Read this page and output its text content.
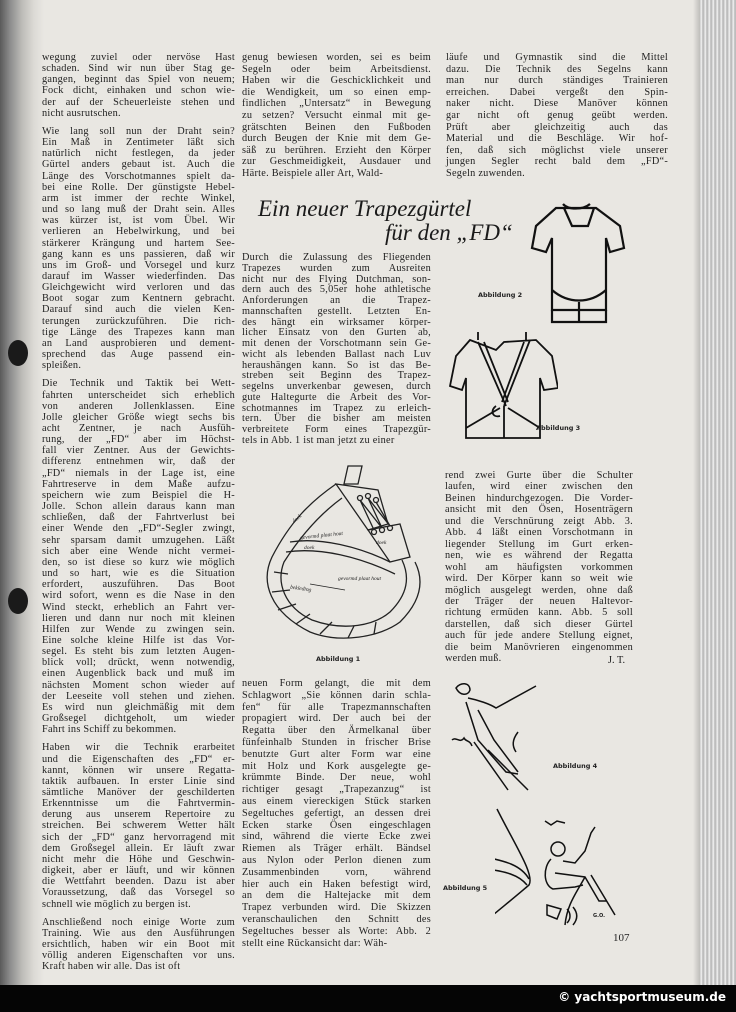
wegung zuviel oder nervöse Hast
schaden. Sind wir nun über Stag ge-
gangen, beginnt das Spiel von neuem;
Fock dicht, einhaken und schon wie-
der auf der Scheuerleiste stehen und
nicht ausrutschen.
Wie lang soll nun der Draht sein?
Ein Maß in Zentimeter läßt sich
natürlich nicht festlegen, da jeder
Gürtel anders gebaut ist. Auch die
Länge des Vorschotmannes spielt da-
bei eine Rolle. Der günstigste Hebel-
arm ist immer der rechte Winkel,
und so lang muß der Draht sein. Alles
was kürzer ist, ist vom Übel. Wir
verlieren an Hebelwirkung, und bei
stärkerer Krängung und hartem See-
gang kann es uns passieren, daß wir
uns im Groß- und Vorsegel und kurz
darauf im Wasser wiederfinden. Das
Gleichgewicht wird verloren und das
Boot sogar zum Kentnern gebracht.
Darauf sind auch die vielen Ken-
terungen zurückzuführen. Die rich-
tige Länge des Trapezes kann man
an Land ausprobieren und dement-
sprechend das Auge passend ein-
spleißen.
Die Technik und Taktik bei Wett-
fahrten unterscheidet sich erheblich
von anderen Jollenklassen. Eine
Jolle gleicher Größe wiegt sechs bis
acht Zentner, je nach Ausfüh-
rung, der „FD“ aber im Höchst-
fall vier Zentner. Aus der Gewichts-
differenz entnehmen wir, daß der
„FD“ niemals in der Lage ist, eine
Fahrtreserve in dem Maße aufzu-
speichern wie zum Beispiel die H-
Jolle. Schon allein daraus kann man
schließen, daß der Fahrtverlust bei
einer Wende den „FD“-Segler zwingt,
sehr sparsam damit umzugehen. Läßt
sich aber eine Wende nicht vermei-
den, so ist diese so kurz wie möglich
und so hart, wie es die Situation
erfordert, auszuführen. Das Boot
wird sofort, wenn es die Nase in den
Wind steckt, erheblich an Fahrt ver-
lieren und dann nur noch mit kleinen
Hilfen zur Wende zu zwingen sein.
Eine solche kleine Hilfe ist das Vor-
segel. Es steht bis zum letzten Augen-
blick voll; drückt, wenn notwendig,
einen Augenblick back und muß im
nächsten Moment schon wieder auf
der Leeseite voll stehen und ziehen.
Es wird nun gleichmäßig mit dem
Großsegel dichtgeholt, um wieder
Fahrt ins Schiff zu bekommen.
Haben wir die Technik erarbeitet
und die Eigenschaften des „FD“ er-
kannt, können wir unsere Regatta-
taktik aufbauen. In erster Linie sind
sämtliche Manöver der geschilderten
Erkenntnisse um die Fahrtvermin-
derung aus unserem Repertoire zu
streichen. Bei schwerem Wetter hält
sich der „FD“ ganz hervorragend mit
dem Großsegel allein. Er läuft zwar
nicht mehr die Höhe und Geschwin-
digkeit, aber er läuft, und wir können
die Wettfahrt beenden. Dazu ist aber
Voraussetzung, daß das Vorsegel so
schnell wie möglich zu bergen ist.
Anschließend noch einige Worte zum
Training. Wie aus den Ausführungen
ersichtlich, haben wir ein Boot mit
völlig anderen Eigenschaften vor uns.
Kraft haben wir alle. Das ist oft
genug bewiesen worden, sei es beim
Segeln oder beim Arbeitsdienst.
Haben wir die Geschicklichkeit und
die Wendigkeit, um so einen emp-
findlichen „Untersatz“ in Bewegung
zu setzen? Versucht einmal mit ge-
grätschten Beinen den Fußboden
durch Beugen der Knie mit dem Ge-
säß zu berühren. Erzieht den Körper
zur Geschmeidigkeit, Ausdauer und
Härte. Beispiele aller Art, Wald-
läufe und Gymnastik sind die Mittel
dazu. Die Technik des Segelns kann
man nur durch ständiges Trainieren
erreichen. Dabei vergeßt den Spin-
naker nicht. Diese Manöver können
gar nicht oft genug geübt werden.
Prüft aber gleichzeitig auch das
Material und die Beschläge. Wir hof-
fen, daß sich möglichst viele unserer
jungen Segler recht bald dem „FD“-
Segeln zuwenden.
Durch die Zulassung des Fliegenden
Trapezes wurden zum Ausreiten
nicht nur des Flying Dutchman, son-
dern auch des 5,05er hohe athletische
Anforderungen an die Trapez-
mannschaften gestellt. Letzten En-
des hängt ein wirksamer körper-
licher Einsatz von den Gurten ab,
mit denen der Vorschotmann sein Ge-
wicht als lebenden Ballast nach Luv
heraushängen kann. So ist das Be-
streben seit Beginn des Trapez-
segelns unverkenbar gewesen, durch
gute Haltegurte die Arbeit des Vor-
schotmannes im Trapez zu erleich-
tern. Über die bisher am meisten
verbreitete Form eines Trapezgür-
tels in Abb. 1 ist man jetzt zu einer
neuen Form gelangt, die mit dem
Schlagwort „Sie können darin schla-
fen“ für alle Trapezmannschaften
propagiert wird. Der auch bei der
Regatta über den Ärmelkanal über
fünfeinhalb Stunden in frischer Brise
benutzte Gurt alter Form war eine
mit Holz und Kork ausgelegte ge-
krümmte Binde. Der neue, wohl
richtiger gesagt „Trapezanzug“ ist
aus einem viereckigen Stück starken
Segeltuches gefertigt, an dessen drei
Ecken starke Ösen eingeschlagen
sind, während die vierte Ecke zwei
Riemen als Träger erhält. Bändsel
aus Nylon oder Perlon dienen zum
Zusammenbinden vorn, während
hier auch ein Haken befestigt wird,
an dem die Haltejacke mit dem
Trapez verbunden wird. Die Skizzen
veranschaulichen den Schnitt des
Segeltuches besser als Worte: Abb. 2
stellt eine Rückansicht dar: Wäh-
rend zwei Gurte über die Schulter
laufen, wird einer zwischen den
Beinen hindurchgezogen. Die Vorder-
ansicht mit den Ösen, Hosenträgern
und die Verschnürung zeigt Abb. 3.
Abb. 4 läßt einen Vorschotmann in
liegender Stellung im Gurt erken-
nen, wie es während der Regatta
wohl am häufigsten vorkommen
wird. Der Körper kann so weit wie
möglich ausgelegt werden, ohne daß
der Träger der neuen Haltevor-
richtung ermüden kann. Abb. 5 soll
darstellen, daß sich dieser Gürtel
auch für jede andere Stellung eignet,
die beim Manövrieren eingenommen
werden muß.	J. T.
Ein neuer Trapezgürtel
für den „FD“
doek
doek
gevormd plaat hout
gevormd plaat hout
bekleding
doek
Abbildung 1
Abbildung 2
Abbildung 3
Abbildung 4
G.O.
Abbildung 5
107
© yachtsportmuseum.de
